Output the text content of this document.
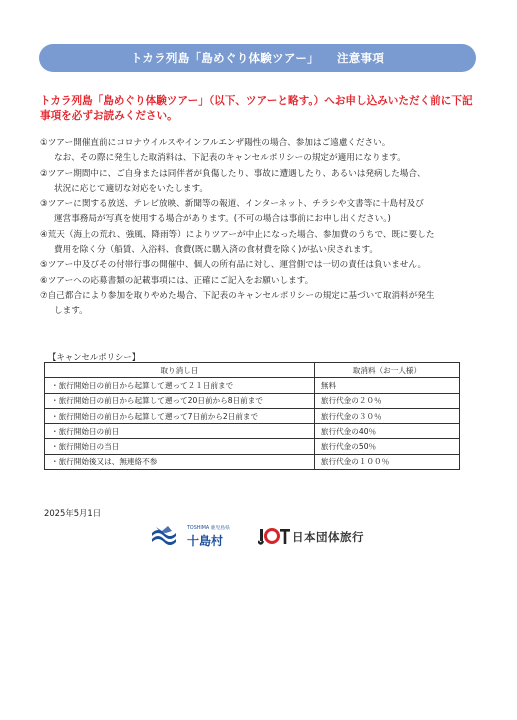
トカラ列島「島めぐり体験ツアー」 注意事項
トカラ列島「島めぐり体験ツアー」（以下、ツアーと略す。）へお申し込みいただく前に下記事項を必ずお読みください。

①ツアー開催直前にコロナウイルスやインフルエンザ陽性の場合、参加はご遠慮ください。
なお、その際に発生した取消料は、下記表のキャンセルポリシーの規定が適用になります。

②ツアー期間中に、ご自身または同伴者が負傷したり、事故に遭遇したり、あるいは発病した場合、
状況に応じて適切な対応をいたします。

③ツアーに関する放送、テレビ放映、新聞等の報道、インターネット、チラシや文書等に十島村及び
運営事務局が写真を使用する場合があります。(不可の場合は事前にお申し出ください。)

④荒天（海上の荒れ、強風、降雨等）によりツアーが中止になった場合、参加費のうちで、既に要した
費用を除く分（船賃、入浴料、食費(既に購入済の食材費を除く)が払い戻されます。

⑤ツアー中及びその付帯行事の開催中、個人の所有品に対し、運営側では一切の責任は負いません。

⑥ツアーへの応募書類の記載事項には、正確にご記入をお願いします。

⑦自己都合により参加を取りやめた場合、下記表のキャンセルポリシーの規定に基づいて取消料が発生
します。

【キャンセルポリシー】
取り消し日	取消料（お一人様）
・旅行開始日の前日から起算して遡って２１日前まで	無料
・旅行開始日の前日から起算して遡って20日前から8日前まで	旅行代金の２０％
・旅行開始日の前日から起算して遡って7日前から2日前まで	旅行代金の３０％
・旅行開始日の前日	旅行代金の40％
・旅行開始日の当日	旅行代金の50％
・旅行開始後又は、無連絡不参	旅行代金の１００％
2025年5月1日
TOSHIMA 鹿児島県
十島村	日本団体旅行
